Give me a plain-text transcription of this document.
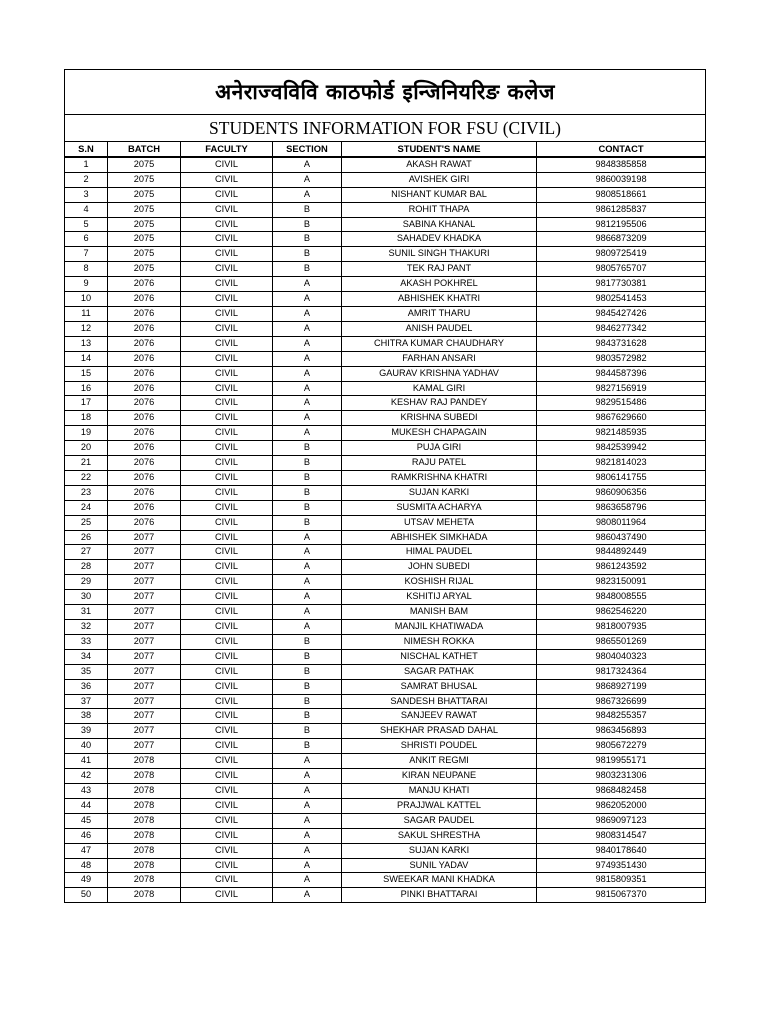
अनेराज्वविवि काठफोर्ड इन्जिनियरिङ कलेज					
STUDENTS INFORMATION FOR FSU (CIVIL)					
S.N	BATCH	FACULTY	SECTION	STUDENT'S NAME	CONTACT
1	2075	CIVIL	A	AKASH RAWAT	9848385858
2	2075	CIVIL	A	AVISHEK GIRI	9860039198
3	2075	CIVIL	A	NISHANT KUMAR BAL	9808518661
4	2075	CIVIL	B	ROHIT THAPA	9861285837
5	2075	CIVIL	B	SABINA KHANAL	9812195506
6	2075	CIVIL	B	SAHADEV KHADKA	9866873209
7	2075	CIVIL	B	SUNIL SINGH THAKURI	9809725419
8	2075	CIVIL	B	TEK RAJ PANT	9805765707
9	2076	CIVIL	A	AKASH POKHREL	9817730381
10	2076	CIVIL	A	ABHISHEK KHATRI	9802541453
11	2076	CIVIL	A	AMRIT THARU	9845427426
12	2076	CIVIL	A	ANISH PAUDEL	9846277342
13	2076	CIVIL	A	CHITRA KUMAR CHAUDHARY	9843731628
14	2076	CIVIL	A	FARHAN ANSARI	9803572982
15	2076	CIVIL	A	GAURAV KRISHNA YADHAV	9844587396
16	2076	CIVIL	A	KAMAL GIRI	9827156919
17	2076	CIVIL	A	KESHAV RAJ PANDEY	9829515486
18	2076	CIVIL	A	KRISHNA SUBEDI	9867629660
19	2076	CIVIL	A	MUKESH CHAPAGAIN	9821485935
20	2076	CIVIL	B	PUJA GIRI	9842539942
21	2076	CIVIL	B	RAJU PATEL	9821814023
22	2076	CIVIL	B	RAMKRISHNA KHATRI	9806141755
23	2076	CIVIL	B	SUJAN KARKI	9860906356
24	2076	CIVIL	B	SUSMITA ACHARYA	9863658796
25	2076	CIVIL	B	UTSAV MEHETA	9808011964
26	2077	CIVIL	A	ABHISHEK SIMKHADA	9860437490
27	2077	CIVIL	A	HIMAL PAUDEL	9844892449
28	2077	CIVIL	A	JOHN SUBEDI	9861243592
29	2077	CIVIL	A	KOSHISH RIJAL	9823150091
30	2077	CIVIL	A	KSHITIJ ARYAL	9848008555
31	2077	CIVIL	A	MANISH BAM	9862546220
32	2077	CIVIL	A	MANJIL KHATIWADA	9818007935
33	2077	CIVIL	B	NIMESH ROKKA	9865501269
34	2077	CIVIL	B	NISCHAL KATHET	9804040323
35	2077	CIVIL	B	SAGAR PATHAK	9817324364
36	2077	CIVIL	B	SAMRAT BHUSAL	9868927199
37	2077	CIVIL	B	SANDESH BHATTARAI	9867326699
38	2077	CIVIL	B	SANJEEV RAWAT	9848255357
39	2077	CIVIL	B	SHEKHAR PRASAD DAHAL	9863456893
40	2077	CIVIL	B	SHRISTI POUDEL	9805672279
41	2078	CIVIL	A	ANKIT REGMI	9819955171
42	2078	CIVIL	A	KIRAN NEUPANE	9803231306
43	2078	CIVIL	A	MANJU KHATI	9868482458
44	2078	CIVIL	A	PRAJJWAL KATTEL	9862052000
45	2078	CIVIL	A	SAGAR PAUDEL	9869097123
46	2078	CIVIL	A	SAKUL SHRESTHA	9808314547
47	2078	CIVIL	A	SUJAN KARKI	9840178640
48	2078	CIVIL	A	SUNIL YADAV	9749351430
49	2078	CIVIL	A	SWEEKAR MANI KHADKA	9815809351
50	2078	CIVIL	A	PINKI BHATTARAI	9815067370
